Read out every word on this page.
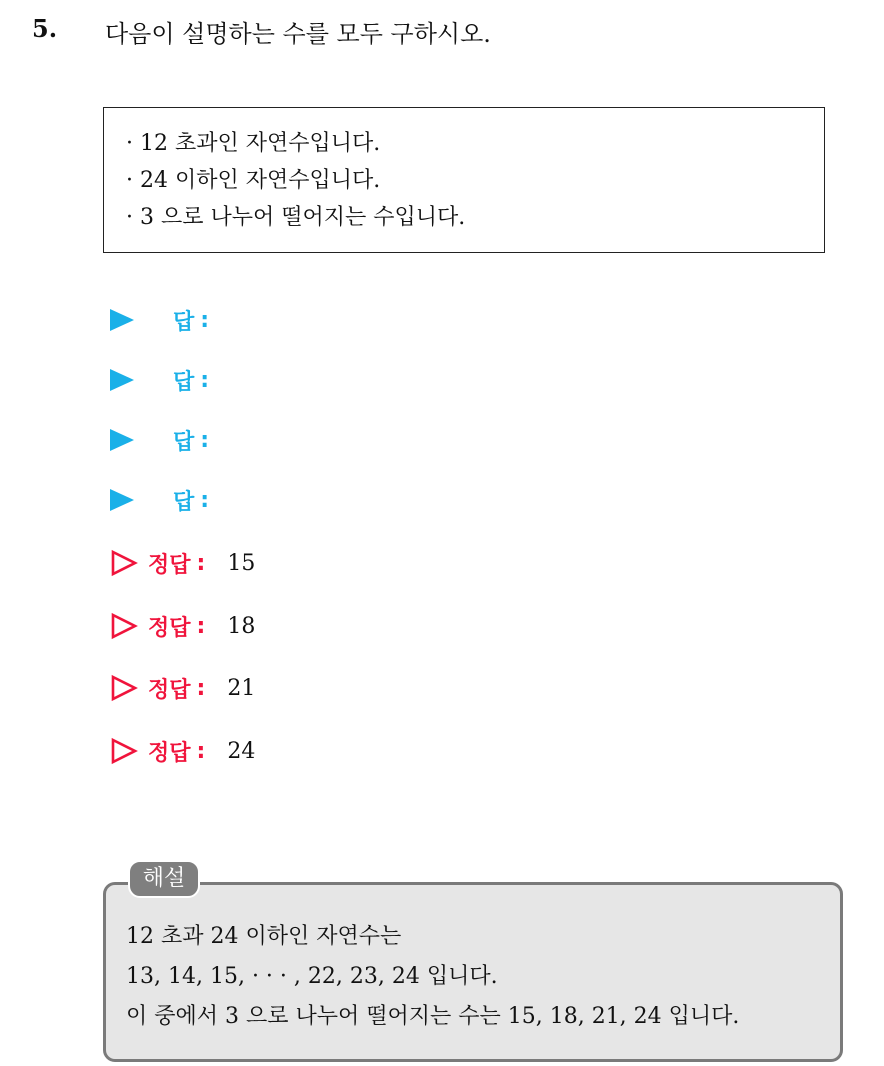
5. 다음이 설명하는 수를 모두 구하시오.
· 12 초과인 자연수입니다.
· 24 이하인 자연수입니다.
· 3 으로 나누어 떨어지는 수입니다.
답 :
답 :
답 :
답 :
정답 : 15
정답 : 18
정답 : 21
정답 : 24
해설
12 초과 24 이하인 자연수는
13, 14, 15, · · · , 22, 23, 24 입니다.
이 중에서 3 으로 나누어 떨어지는 수는 15, 18, 21, 24 입니다.
